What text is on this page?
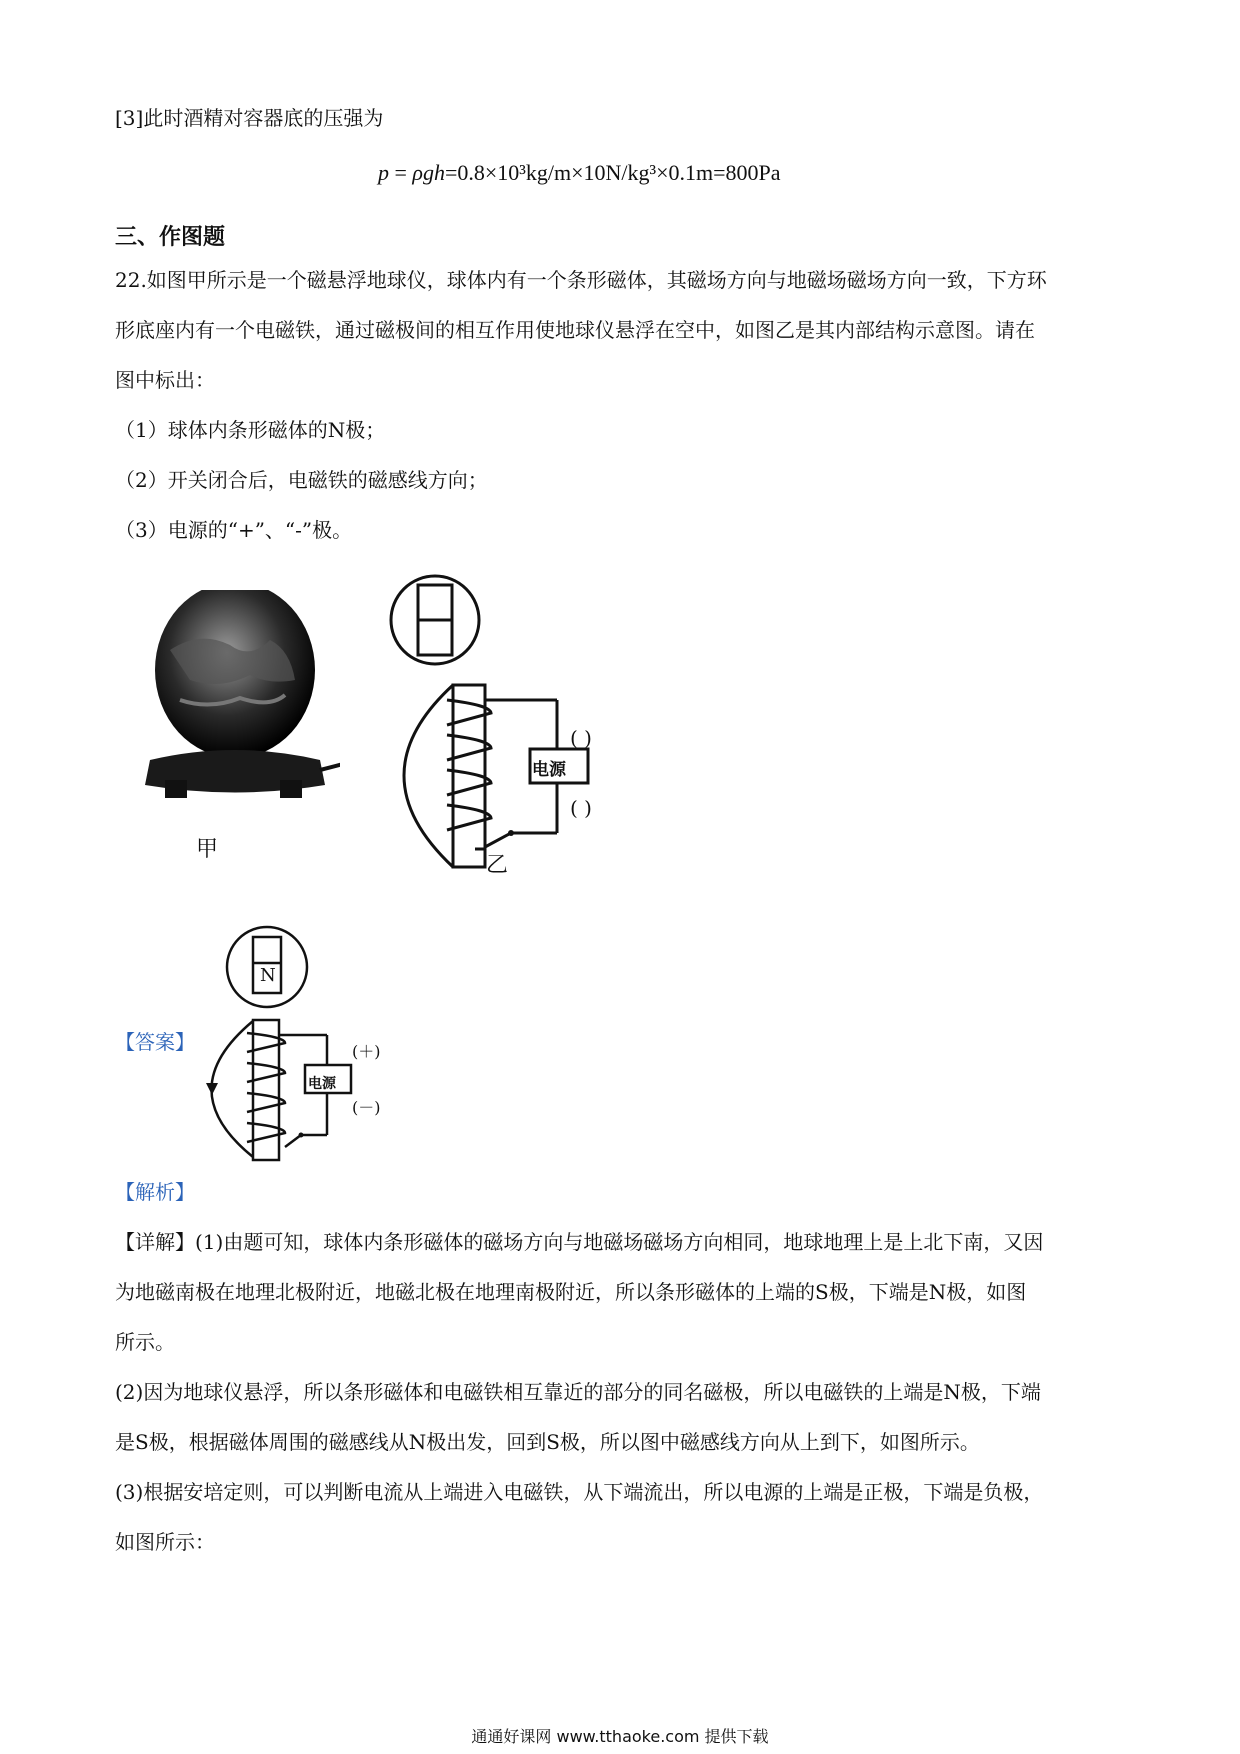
[3]此时酒精对容器底的压强为
p = ρgh=0.8×10³kg/m×10N/kg³×0.1m=800Pa
三、作图题
22.如图甲所示是一个磁悬浮地球仪，球体内有一个条形磁体，其磁场方向与地磁场磁场方向一致，下方环
形底座内有一个电磁铁，通过磁极间的相互作用使地球仪悬浮在空中，如图乙是其内部结构示意图。请在
图中标出：
（1）球体内条形磁体的N极；
（2）开关闭合后，电磁铁的磁感线方向；
（3）电源的“+”、“-”极。
甲
电源
( )
( )
乙
【答案】
N
电源
(＋)
(－)
【解析】
【详解】(1)由题可知，球体内条形磁体的磁场方向与地磁场磁场方向相同，地球地理上是上北下南，又因
为地磁南极在地理北极附近，地磁北极在地理南极附近，所以条形磁体的上端的S极，下端是N极，如图
所示。
(2)因为地球仪悬浮，所以条形磁体和电磁铁相互靠近的部分的同名磁极，所以电磁铁的上端是N极，下端
是S极，根据磁体周围的磁感线从N极出发，回到S极，所以图中磁感线方向从上到下，如图所示。
(3)根据安培定则，可以判断电流从上端进入电磁铁，从下端流出，所以电源的上端是正极，下端是负极，
如图所示：
通通好课网 www.tthaoke.com 提供下载
